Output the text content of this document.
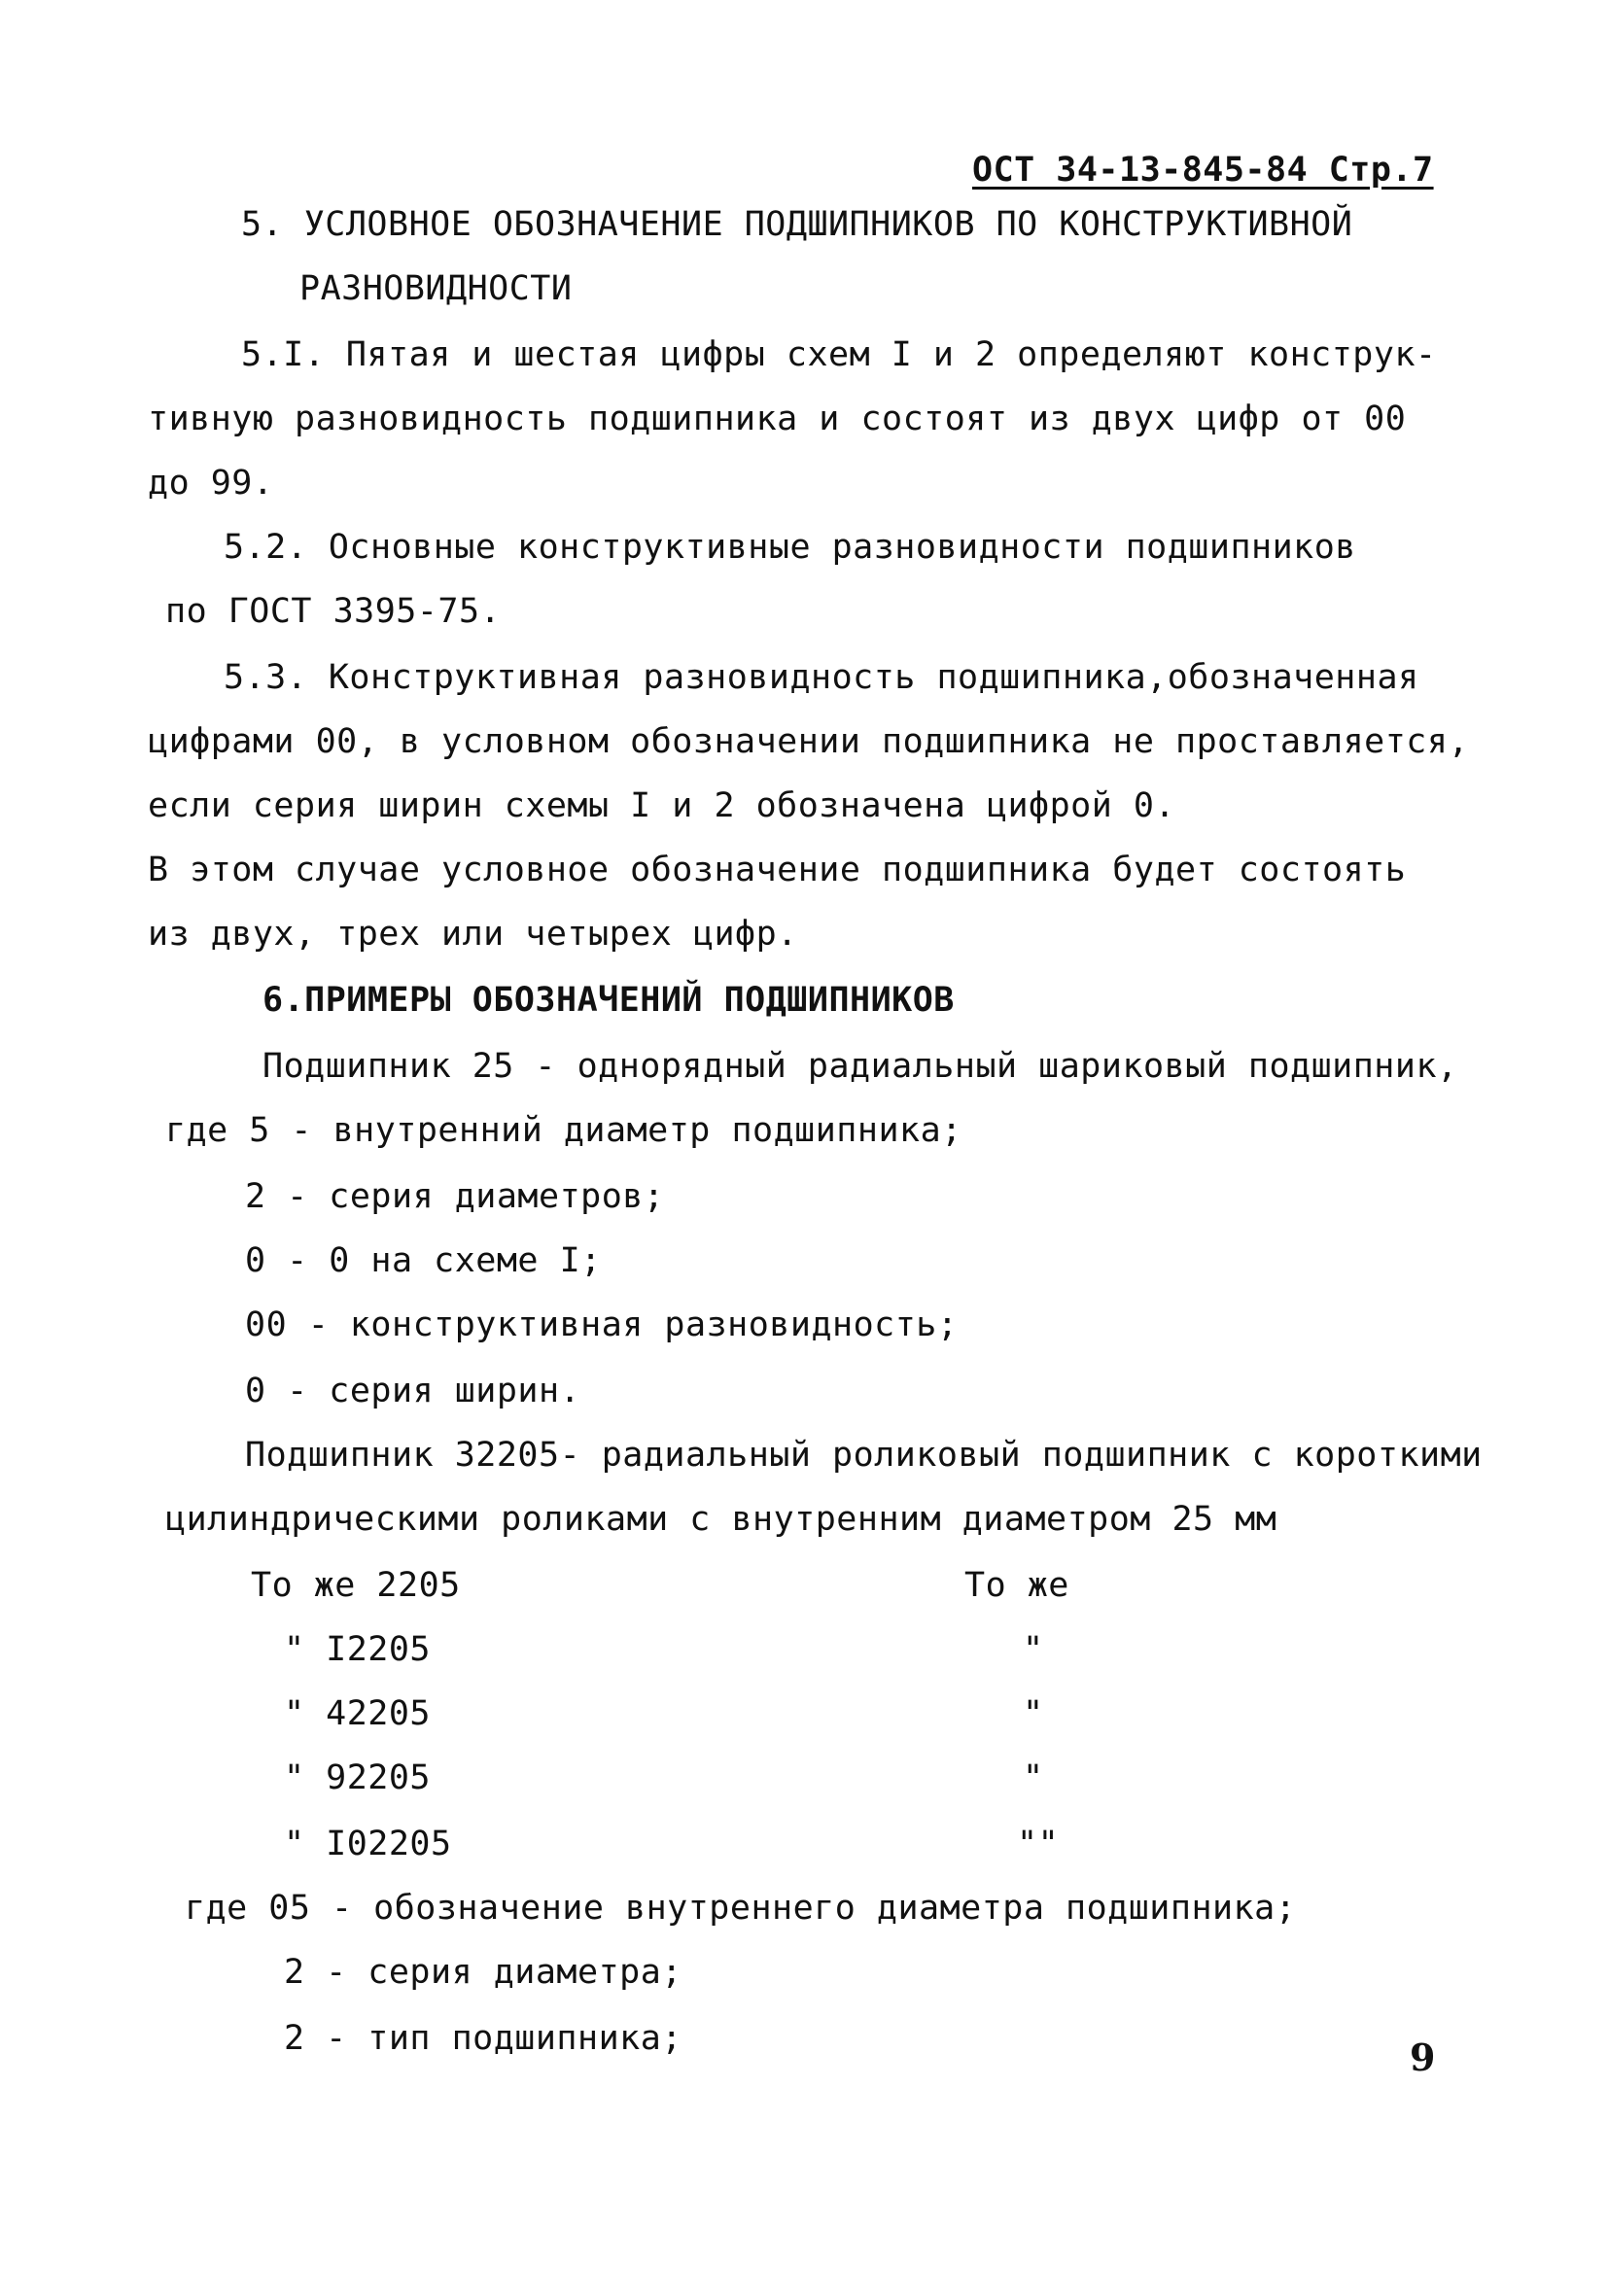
ОСТ 34-13-845-84 Стр.7
5. УСЛОВНОЕ ОБОЗНАЧЕНИЕ ПОДШИПНИКОВ ПО КОНСТРУКТИВНОЙ
РАЗНОВИДНОСТИ
5.I. Пятая и шестая цифры схем I и 2 определяют конструк-
тивную разновидность подшипника и состоят из двух цифр от 00
до 99.
5.2. Основные конструктивные разновидности подшипников
по ГОСТ 3395-75.
5.3. Конструктивная разновидность подшипника,обозначенная
цифрами 00, в условном обозначении подшипника не проставляется,
если серия ширин схемы I и 2 обозначена цифрой 0.
В этом случае условное обозначение подшипника будет состоять
из двух, трех или четырех цифр.
6.ПРИМЕРЫ ОБОЗНАЧЕНИЙ ПОДШИПНИКОВ
Подшипник 25 - однорядный радиальный шариковый подшипник,
где 5 - внутренний диаметр подшипника;
2 - серия диаметров;
0 - 0 на схеме I;
00 - конструктивная разновидность;
0 - серия ширин.
Подшипник 32205- радиальный роликовый подшипник с короткими
цилиндрическими роликами с внутренним диаметром 25 мм
То же 2205	То же
" I2205	"
" 42205	"
" 92205	"
" I02205	""
где 05 - обозначение внутреннего диаметра подшипника;
2 - серия диаметра;
2 - тип подшипника;	9
